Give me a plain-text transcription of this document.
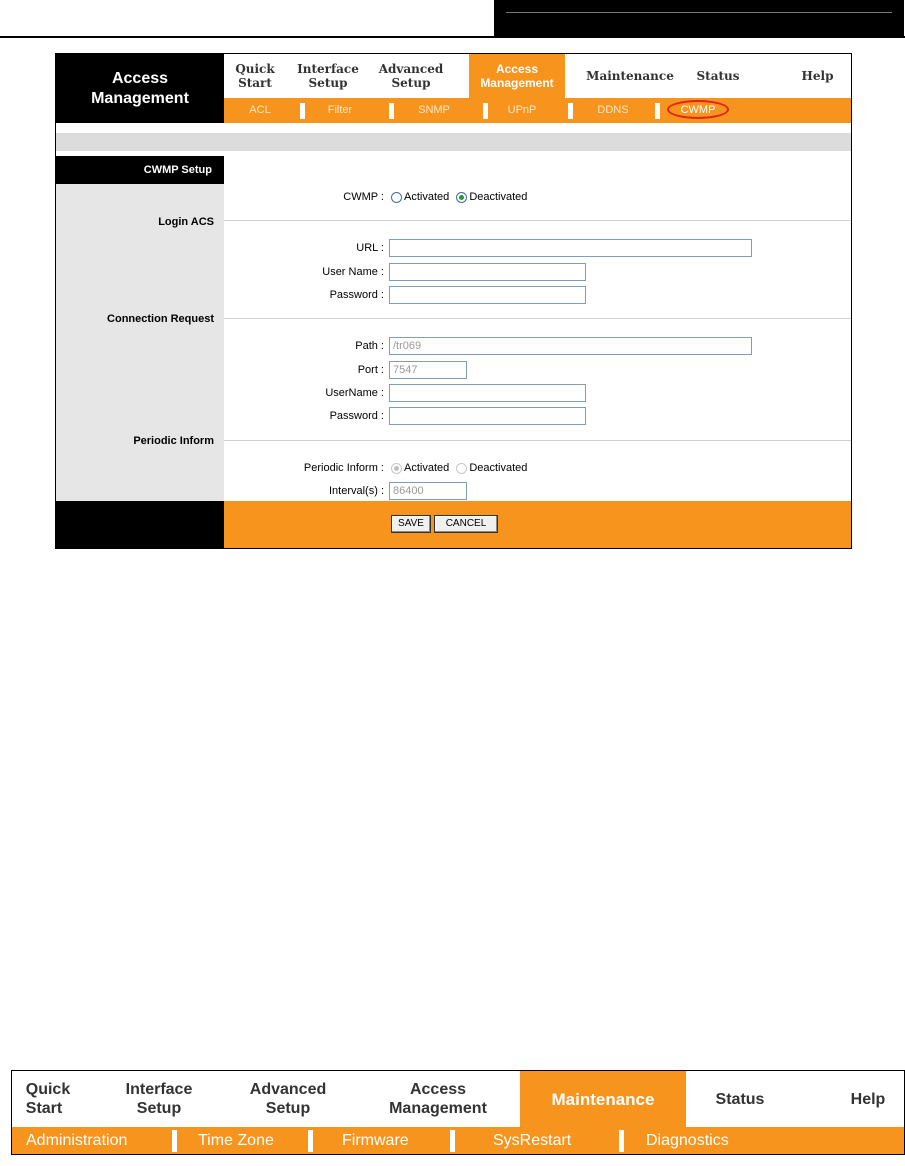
Access Management
Quick
Start
Interface
Setup
Advanced
Setup
Access
Management	Maintenance Status	Help
ACL	Filter	SNMP	UPnP	DDNS	CWMP
CWMP Setup
CWMP :	Activated Deactivated
Login ACS
URL :
User Name :
Password :
Connection Request
Path :
/tr069
Port :
7547
UserName :
Password :
Periodic Inform
Periodic Inform :	Activated Deactivated
Interval(s) :
86400
SAVE	CANCEL
Quick
Start
Interface
Setup
Advanced
Setup
Access
Management	Maintenance	Status	Help
Administration	Time Zone	Firmware	SysRestart	Diagnostics
